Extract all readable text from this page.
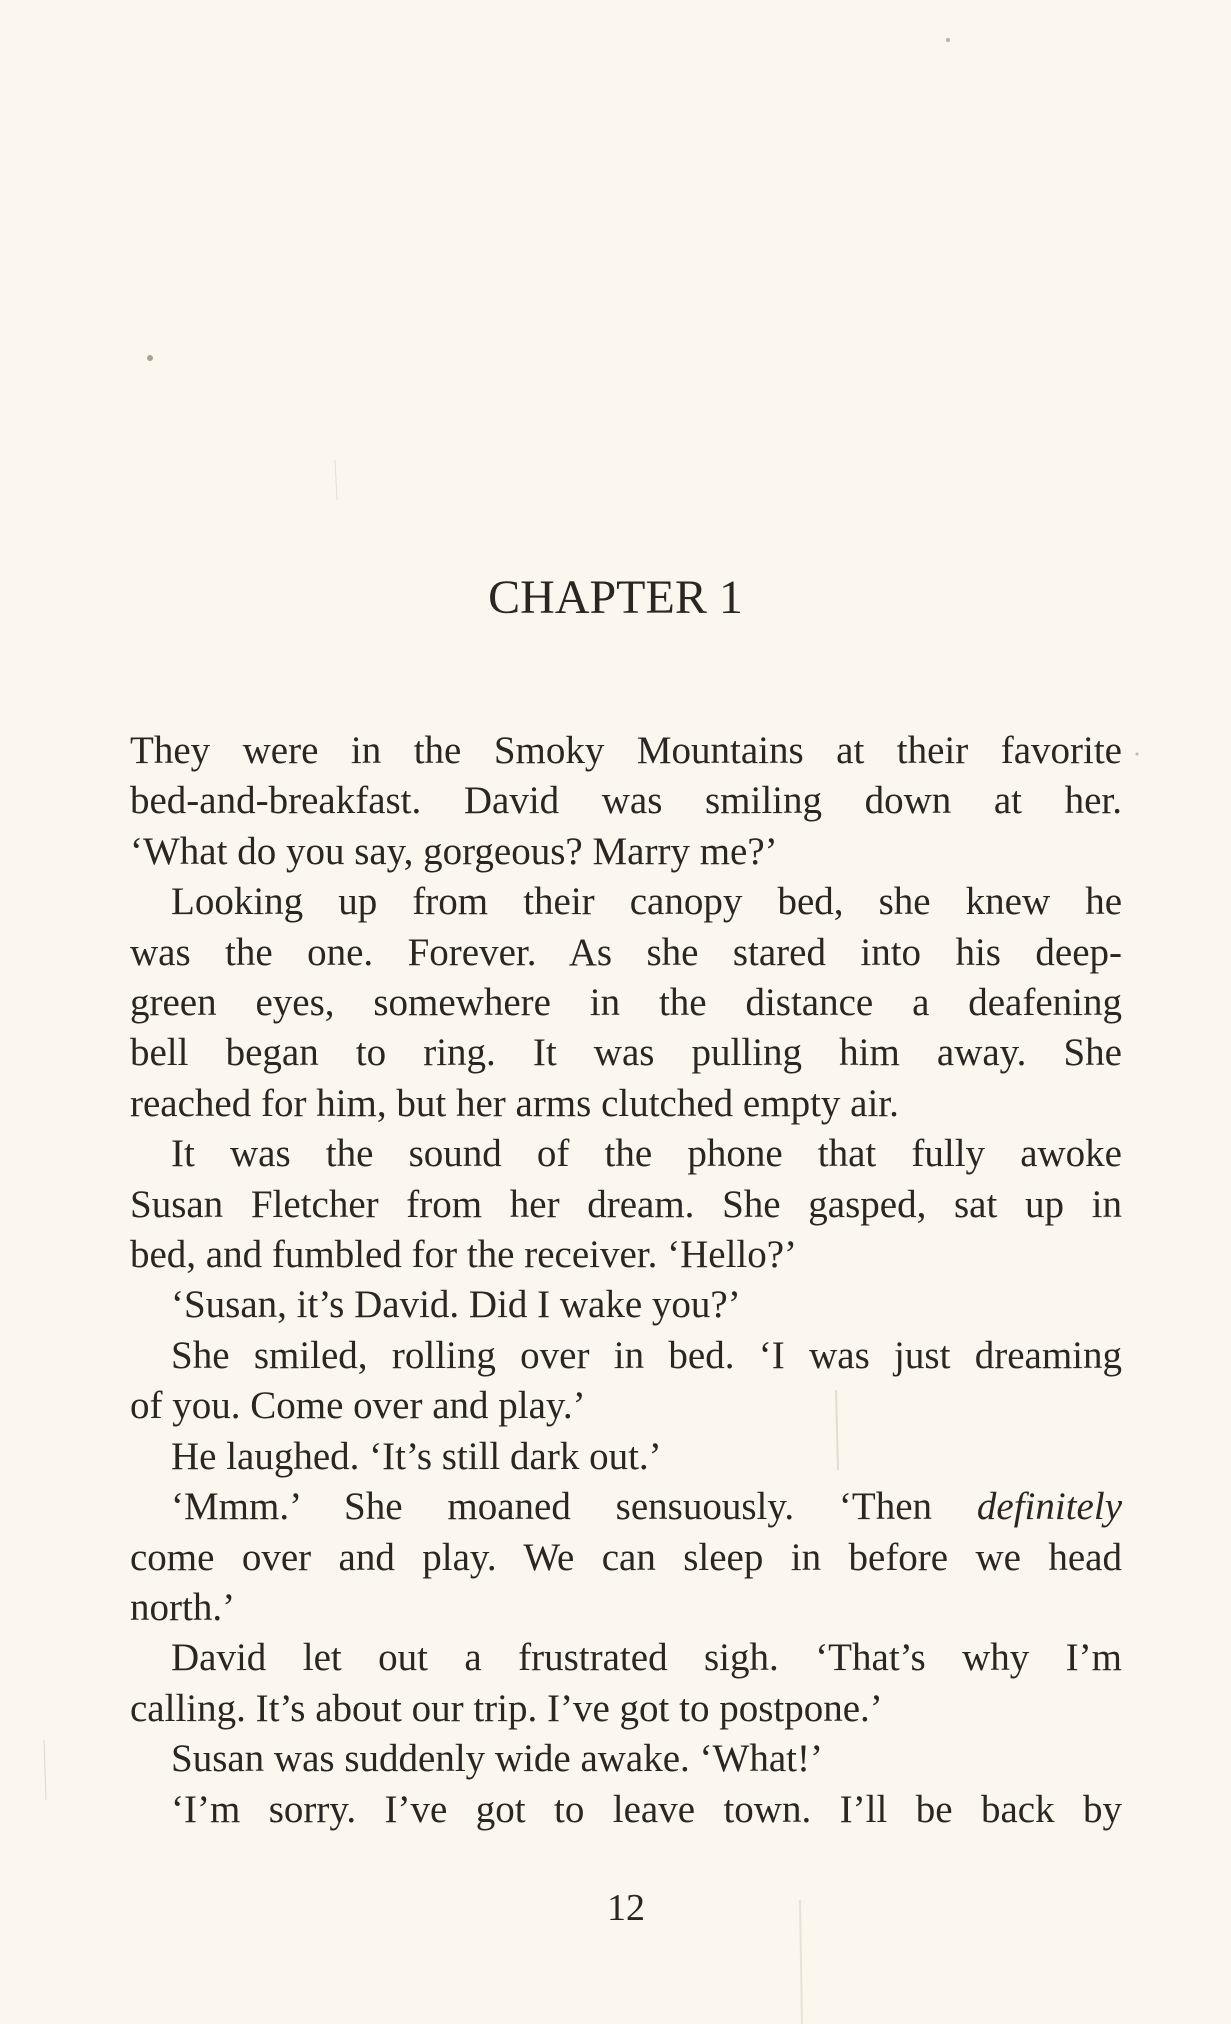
CHAPTER 1
They were in the Smoky Mountains at their favorite
bed-and-breakfast. David was smiling down at her.
‘What do you say, gorgeous? Marry me?’
Looking up from their canopy bed, she knew he
was the one. Forever. As she stared into his deep-
green eyes, somewhere in the distance a deafening
bell began to ring. It was pulling him away. She
reached for him, but her arms clutched empty air.
It was the sound of the phone that fully awoke
Susan Fletcher from her dream. She gasped, sat up in
bed, and fumbled for the receiver. ‘Hello?’
‘Susan, it’s David. Did I wake you?’
She smiled, rolling over in bed. ‘I was just dreaming
of you. Come over and play.’
He laughed. ‘It’s still dark out.’
‘Mmm.’ She moaned sensuously. ‘Then definitely
come over and play. We can sleep in before we head
north.’
David let out a frustrated sigh. ‘That’s why I’m
calling. It’s about our trip. I’ve got to postpone.’
Susan was suddenly wide awake. ‘What!’
‘I’m sorry. I’ve got to leave town. I’ll be back by
12
